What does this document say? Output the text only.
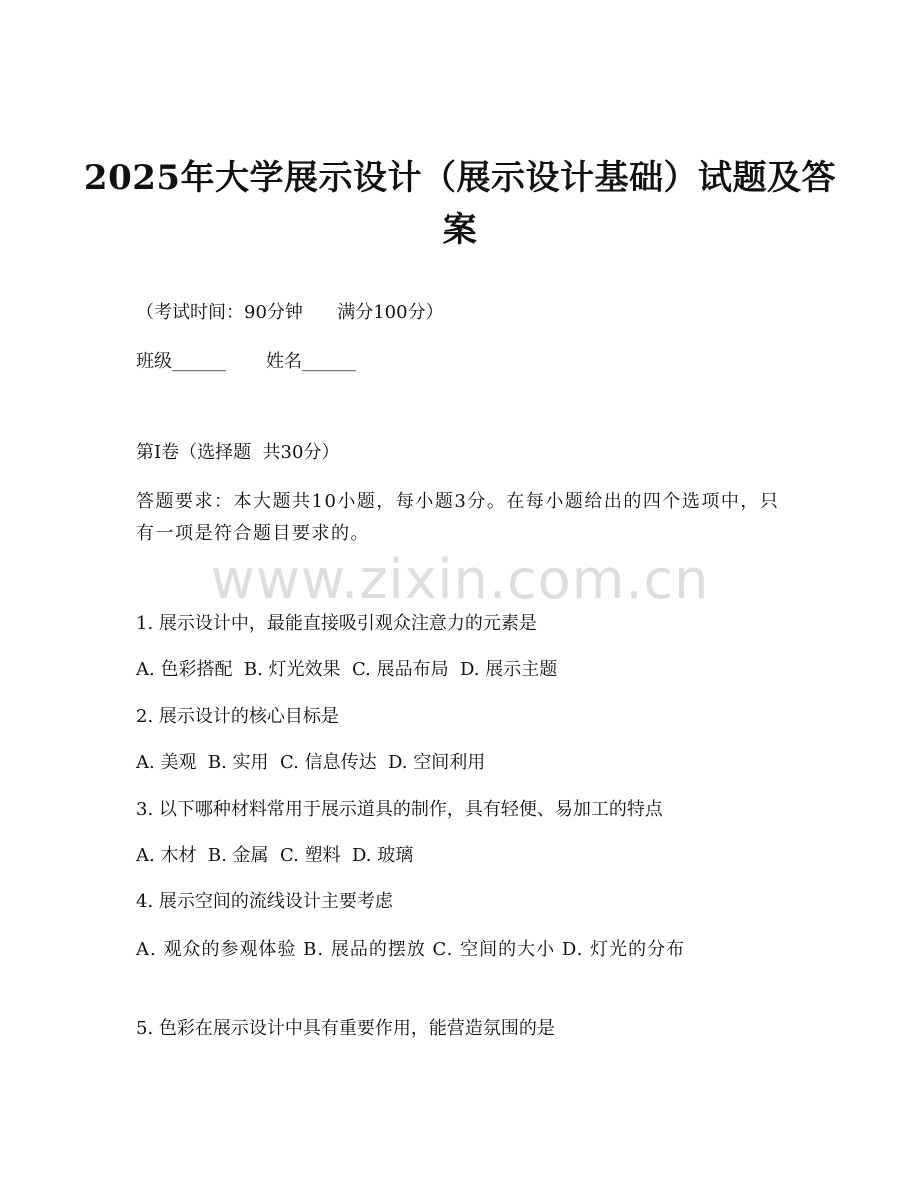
2025年大学展示设计（展示设计基础）试题及答案
（考试时间：90分钟      满分100分）
班级______       姓名______
第I卷（选择题  共30分）
答题要求：本大题共10小题，每小题3分。在每小题给出的四个选项中，只有一项是符合题目要求的。
www.zixin.com.cn
1. 展示设计中，最能直接吸引观众注意力的元素是
A. 色彩搭配  B. 灯光效果  C. 展品布局  D. 展示主题
2. 展示设计的核心目标是
A. 美观  B. 实用  C. 信息传达  D. 空间利用
3. 以下哪种材料常用于展示道具的制作，具有轻便、易加工的特点
A. 木材  B. 金属  C. 塑料  D. 玻璃
4. 展示空间的流线设计主要考虑
A. 观众的参观体验 B. 展品的摆放 C. 空间的大小 D. 灯光的分布
5. 色彩在展示设计中具有重要作用，能营造氛围的是
